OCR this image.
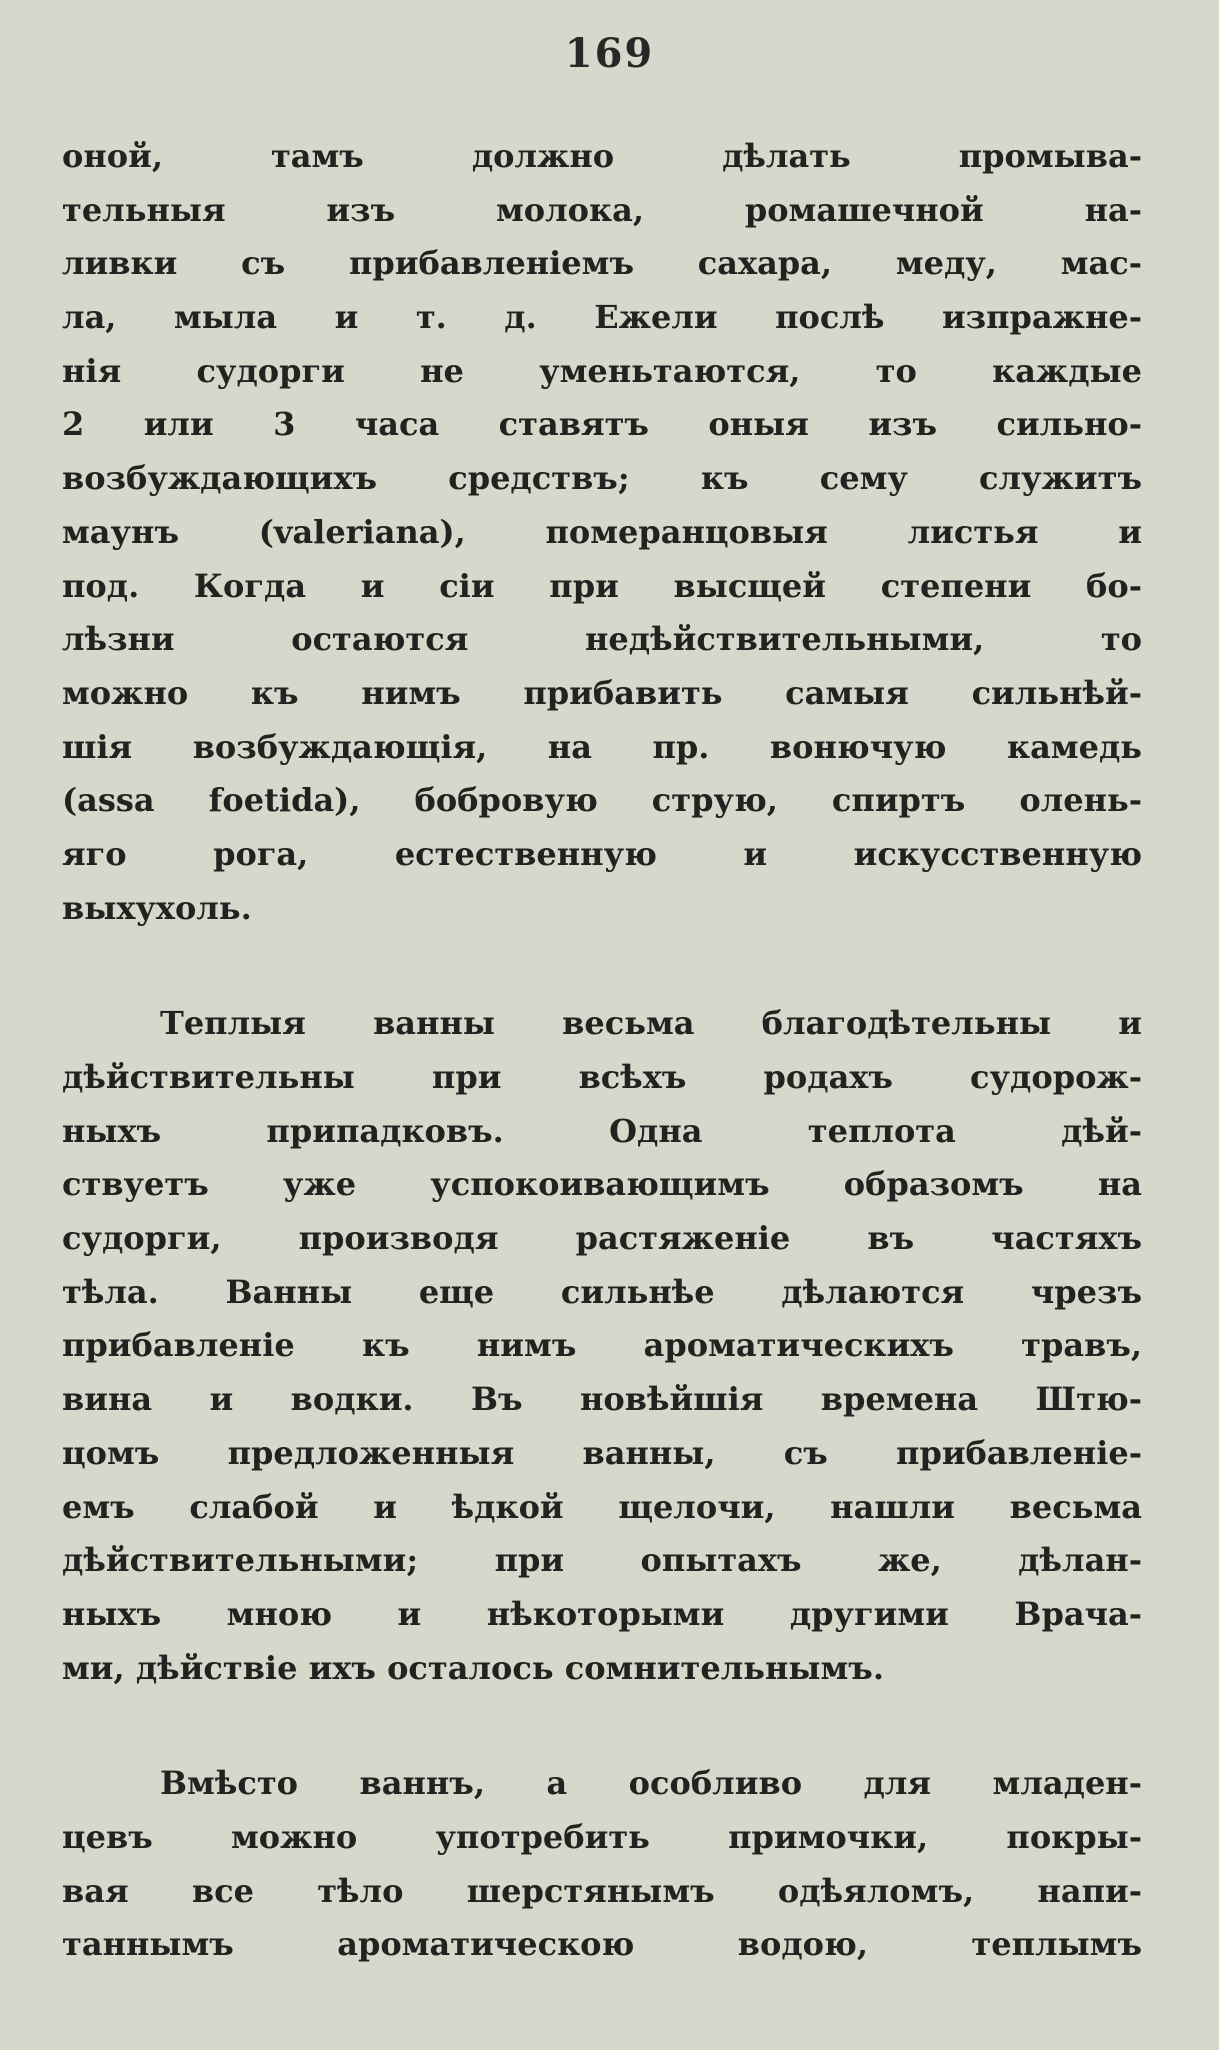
169
оной, тамъ должно дѣлать промыва-
тельныя изъ молока, ромашечной на-
ливки съ прибавленіемъ сахара, меду, мас-
ла, мыла и т. д. Ежели послѣ изпражне-
нія судорги не уменьтаются, то каждые
2 или 3 часа ставятъ оныя изъ сильно-
возбуждающихъ средствъ; къ сему служитъ
маунъ (valeriana), померанцовыя листья и
под. Когда и сіи при высщей степени бо-
лѣзни остаются недѣйствительными, то
можно къ нимъ прибавить самыя сильнѣй-
шія возбуждающія, на пр. вонючую камедь
(assa foetida), бобровую струю, спиртъ олень-
яго рога, естественную и искусственную
выхухоль.
Теплыя ванны весьма благодѣтельны и
дѣйствительны при всѣхъ родахъ судорож-
ныхъ припадковъ. Одна теплота дѣй-
ствуетъ уже успокоивающимъ образомъ на
судорги, производя растяженіе въ частяхъ
тѣла. Ванны еще сильнѣе дѣлаются чрезъ
прибавленіе къ нимъ ароматическихъ травъ,
вина и водки. Въ новѣйшія времена Штю-
цомъ предложенныя ванны, съ прибавленіе-
емъ слабой и ѣдкой щелочи, нашли весьма
дѣйствительными; при опытахъ же, дѣлан-
ныхъ мною и нѣкоторыми другими Врача-
ми, дѣйствіе ихъ осталось сомнительнымъ.
Вмѣсто ваннъ, а особливо для младен-
цевъ можно употребить примочки, покры-
вая все тѣло шерстянымъ одѣяломъ, напи-
таннымъ ароматическою водою, теплымъ
